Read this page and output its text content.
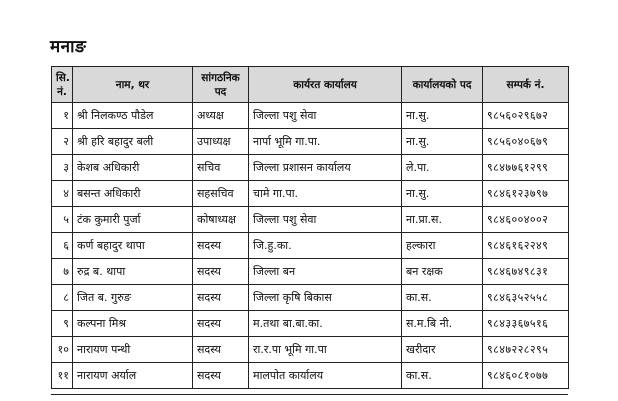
मनाङ
सि. नं.	नाम, थर	सांगठनिक पद	कार्यरत कार्यालय	कार्यालयको पद	सम्पर्क नं.
१	श्री निलकण्ठ पौडेल	अध्यक्ष	जिल्ला पशु सेवा	ना.सु.	९८५६०२९६७२
२	श्री हरि बहादुर बली	उपाध्यक्ष	नार्पा भूमि गा.पा.	ना.सु.	९८५६०४०६७९
३	केशब अधिकारी	सचिव	जिल्ला प्रशासन कार्यालय	ले.पा.	९८४७७६१२९९
४	बसन्त अधिकारी	सहसचिव	चामे गा.पा.	ना.सु.	९८४६१२३७९७
५	टंक कुमारी पुर्जा	कोषाध्यक्ष	जिल्ला पशु सेवा	ना.प्रा.स.	९८४६००४००२
६	कर्ण बहादुर थापा	सदस्य	जि.हु.का.	हल्कारा	९८४६१६२२४९
७	रुद्र ब. थापा	सदस्य	जिल्ला बन	बन रक्षक	९८४६७४९८३१
८	जित ब. गुरुङ	सदस्य	जिल्ला कृषि बिकास	का.स.	९८४६३५२५५८
९	कल्पना मिश्र	सदस्य	म.तथा बा.बा.का.	स.म.बि नी.	९८४३३६७५१६
१०	नारायण पन्थी	सदस्य	रा.र.पा भूमि गा.पा	खरीदार	९८४७२२८२९५
११	नारायण अर्याल	सदस्य	मालपोत कार्यालय	का.स.	९८४६०८१०७७
